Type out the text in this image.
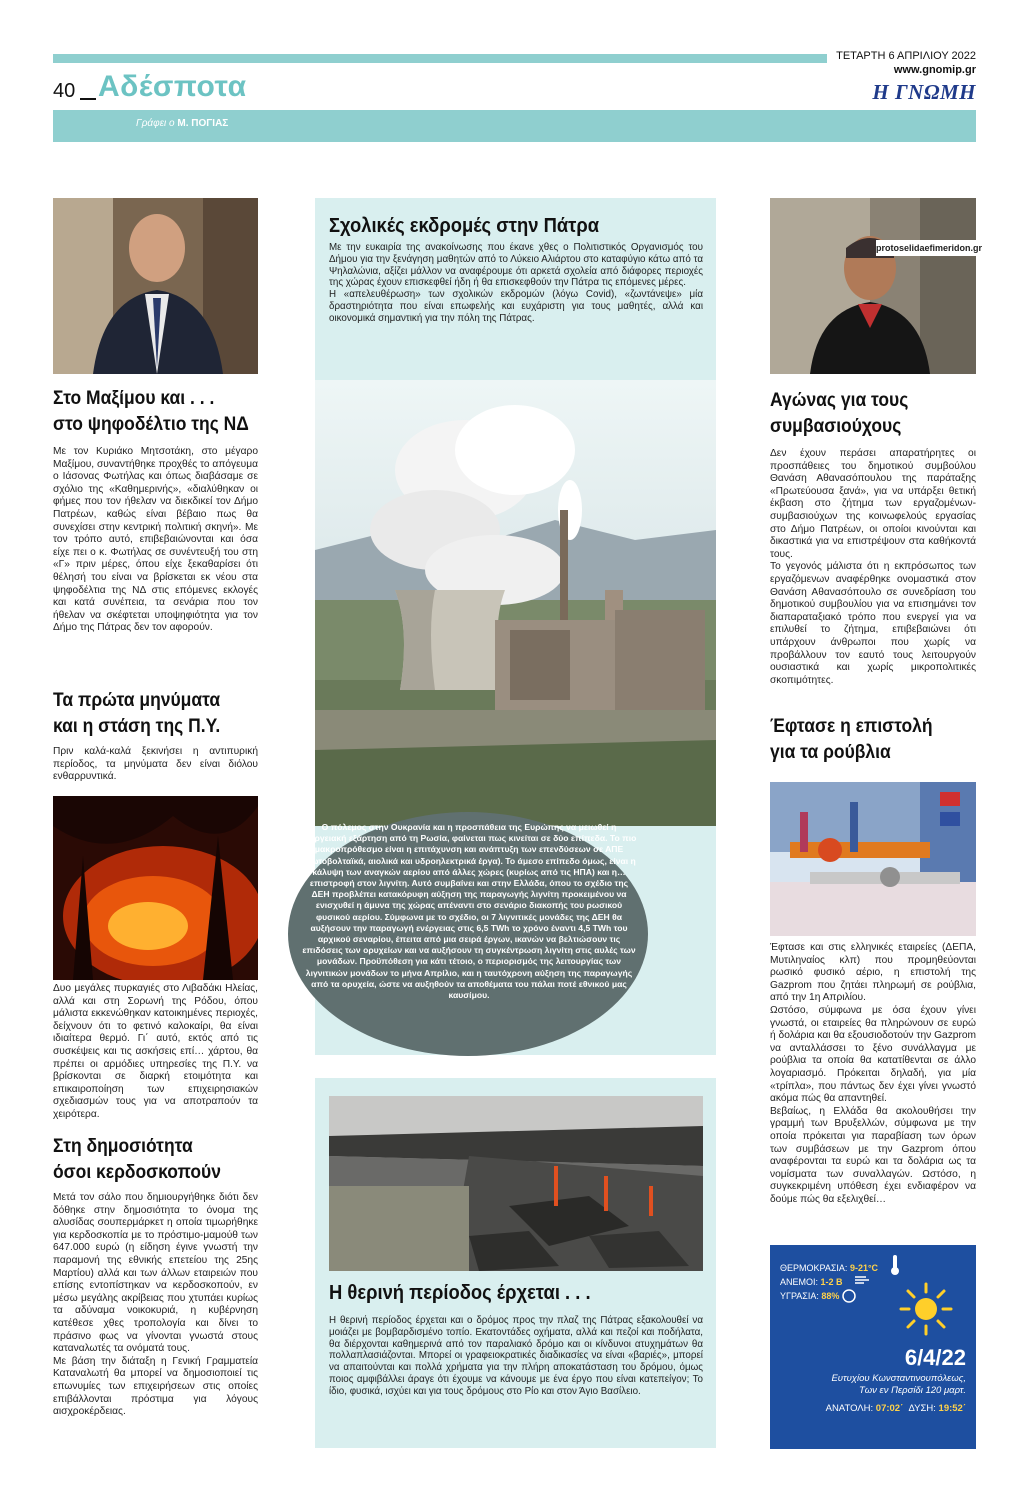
40 Αδέσποτα
ΤΕΤΑΡΤΗ 6 ΑΠΡΙΛΙΟΥ 2022
www.gnomip.gr
Η ΓΝΩΜΗ
Γράφει ο Μ. ΠΟΓΙΑΣ
Στο Μαξίμου και . . .
στο ψηφοδέλτιο της ΝΔ

Με τον Κυριάκο Μητσοτάκη, στο μέγαρο Μαξίμου, συναντήθηκε προχθές το απόγευμα ο Ιάσονας Φωτήλας και όπως διαβάσαμε σε σχόλιο της «Καθημερινής», «διαλύθηκαν οι φήμες που τον ήθελαν να διεκδικεί τον Δήμο Πατρέων, καθώς είναι βέβαιο πως θα συνεχίσει στην κεντρική πολιτική σκηνή». Με τον τρόπο αυτό, επιβεβαιώνονται και όσα είχε πει ο κ. Φωτήλας σε συνέντευξή του στη «Γ» πριν μέρες, όπου είχε ξεκαθαρίσει ότι θέλησή του είναι να βρίσκεται εκ νέου στα ψηφοδέλτια της ΝΔ στις επόμενες εκλογές και κατά συνέπεια, τα σενάρια που τον ήθελαν να σκέφτεται υποψηφιότητα για τον Δήμο της Πάτρας δεν τον αφορούν.

Τα πρώτα μηνύματα
και η στάση της Π.Υ.

Πριν καλά-καλά ξεκινήσει η αντιπυρική περίοδος, τα μηνύματα δεν είναι διόλου ενθαρρυντικά.

Δυο μεγάλες πυρκαγιές στο Λιβαδάκι Ηλείας, αλλά και στη Σορωνή της Ρόδου, όπου μάλιστα εκκενώθηκαν κατοικημένες περιοχές, δείχνουν ότι το φετινό καλοκαίρι, θα είναι ιδιαίτερα θερμό. Γι΄ αυτό, εκτός από τις συσκέψεις και τις ασκήσεις επί… χάρτου, θα πρέπει οι αρμόδιες υπηρεσίες της Π.Υ. να βρίσκονται σε διαρκή ετοιμότητα και επικαιροποίηση των επιχειρησιακών σχεδιασμών τους για να αποτραπούν τα χειρότερα.

Στη δημοσιότητα
όσοι κερδοσκοπούν

Μετά τον σάλο που δημιουργήθηκε διότι δεν δόθηκε στην δημοσιότητα το όνομα της αλυσίδας σουπερμάρκετ η οποία τιμωρήθηκε για κερδοσκοπία με το πρόστιμο-μαμούθ των 647.000 ευρώ (η είδηση έγινε γνωστή την παραμονή της εθνικής επετείου της 25ης Μαρτίου) αλλά και των άλλων εταιρειών που επίσης εντοπίστηκαν να κερδοσκοπούν, εν μέσω μεγάλης ακρίβειας που χτυπάει κυρίως τα αδύναμα νοικοκυριά, η κυβέρνηση κατέθεσε χθες τροπολογία και δίνει το πράσινο φως να γίνονται γνωστά στους καταναλωτές τα ονόματά τους.

Με βάση την διάταξη η Γενική Γραμματεία Καταναλωτή θα μπορεί να δημοσιοποιεί τις επωνυμίες των επιχειρήσεων στις οποίες επιβάλλονται πρόστιμα για λόγους αισχροκέρδειας.

Σχολικές εκδρομές στην Πάτρα

Με την ευκαιρία της ανακοίνωσης που έκανε χθες ο Πολιτιστικός Οργανισμός του Δήμου για την ξενάγηση μαθητών από το Λύκειο Αλιάρτου στο καταφύγιο κάτω από τα Ψηλαλώνια, αξίζει μάλλον να αναφέρουμε ότι αρκετά σχολεία από διάφορες περιοχές της χώρας έχουν επισκεφθεί ήδη ή θα επισκεφθούν την Πάτρα τις επόμενες μέρες.

Η «απελευθέρωση» των σχολικών εκδρομών (λόγω Covid), «ζωντάνεψε» μία δραστηριότητα που είναι επωφελής και ευχάριστη για τους μαθητές, αλλά και οικονομικά σημαντική για την πόλη της Πάτρας.

Ο πόλεμος στην Ουκρανία και η προσπάθεια της Ευρώπης να μειωθεί η ενεργειακή εξάρτηση από τη Ρωσία, φαίνεται πως κινείται σε δύο επίπεδα. Το πιο μακροπρόθεσμο είναι η επιτάχυνση και ανάπτυξη των επενδύσεων σε ΑΠΕ (φωτοβολταϊκά, αιολικά και υδροηλεκτρικά έργα). Το άμεσο επίπεδο όμως, είναι η κάλυψη των αναγκών αερίου από άλλες χώρες (κυρίως από τις ΗΠΑ) και η… επιστροφή στον λιγνίτη. Αυτό συμβαίνει και στην Ελλάδα, όπου το σχέδιο της ΔΕΗ προβλέπει κατακόρυφη αύξηση της παραγωγής λιγνίτη προκειμένου να ενισχυθεί η άμυνα της χώρας απέναντι στο σενάριο διακοπής του ρωσικού φυσικού αερίου. Σύμφωνα με το σχέδιο, οι 7 λιγνιτικές μονάδες της ΔΕΗ θα αυξήσουν την παραγωγή ενέργειας στις 6,5 TWh το χρόνο έναντι 4,5 TWh του αρχικού σεναρίου, έπειτα από μια σειρά έργων, ικανών να βελτιώσουν τις επιδόσεις των ορυχείων και να αυξήσουν τη συγκέντρωση λιγνίτη στις αυλές των μονάδων. Προϋπόθεση για κάτι τέτοιο, ο περιορισμός της λειτουργίας των λιγνιτικών μονάδων το μήνα Απρίλιο, και η ταυτόχρονη αύξηση της παραγωγής από τα ορυχεία, ώστε να αυξηθούν τα αποθέματα του πάλαι ποτέ εθνικού μας καυσίμου.
Η θερινή περίοδος έρχεται . . .

Η θερινή περίοδος έρχεται και ο δρόμος προς την πλαζ της Πάτρας εξακολουθεί να μοιάζει με βομβαρδισμένο τοπίο. Εκατοντάδες οχήματα, αλλά και πεζοί και ποδήλατα, θα διέρχονται καθημερινά από τον παραλιακό δρόμο και οι κίνδυνοι ατυχημάτων θα πολλαπλασιάζονται. Μπορεί οι γραφειοκρατικές διαδικασίες να είναι «βαριές», μπορεί να απαιτούνται και πολλά χρήματα για την πλήρη αποκατάσταση του δρόμου, όμως ποιος αμφιβάλλει άραγε ότι έχουμε να κάνουμε με ένα έργο που είναι κατεπείγον; Το ίδιο, φυσικά, ισχύει και για τους δρόμους στο Ρίο και στον Άγιο Βασίλειο.

protoselidaefimeridon.gr
Αγώνας για τους
συμβασιούχους

Δεν έχουν περάσει απαρατήρητες οι προσπάθειες του δημοτικού συμβούλου Θανάση Αθανασόπουλου της παράταξης «Πρωτεύουσα ξανά», για να υπάρξει θετική έκβαση στο ζήτημα των εργαζομένων- συμβασιούχων της κοινωφελούς εργασίας στο Δήμο Πατρέων, οι οποίοι κινούνται και δικαστικά για να επιστρέψουν στα καθήκοντά τους.

Το γεγονός μάλιστα ότι η εκπρόσωπος των εργαζόμενων αναφέρθηκε ονομαστικά στον Θανάση Αθανασόπουλο σε συνεδρίαση του δημοτικού συμβουλίου για να επισημάνει τον διαπαραταξιακό τρόπο που ενεργεί για να επιλυθεί το ζήτημα, επιβεβαιώνει ότι υπάρχουν άνθρωποι που χωρίς να προβάλλουν τον εαυτό τους λειτουργούν ουσιαστικά και χωρίς μικροπολιτικές σκοπιμότητες.

Έφτασε η επιστολή
για τα ρούβλια

Έφτασε και στις ελληνικές εταιρείες (ΔΕΠΑ, Μυτιληναίος κλπ) που προμηθεύονται ρωσικό φυσικό αέριο, η επιστολή της Gazprom που ζητάει πληρωμή σε ρούβλια, από την 1η Απριλίου.

Ωστόσο, σύμφωνα με όσα έχουν γίνει γνωστά, οι εταιρείες θα πληρώνουν σε ευρώ ή δολάρια και θα εξουσιοδοτούν την Gazprom να ανταλλάσσει το ξένο συνάλλαγμα με ρούβλια τα οποία θα κατατίθενται σε άλλο λογαριασμό. Πρόκειται δηλαδή, για μία «τρίπλα», που πάντως δεν έχει γίνει γνωστό ακόμα πώς θα απαντηθεί.

Βεβαίως, η Ελλάδα θα ακολουθήσει την γραμμή των Βρυξελλών, σύμφωνα με την οποία πρόκειται για παραβίαση των όρων των συμβάσεων με την Gazprom όπου αναφέρονται τα ευρώ και τα δολάρια ως τα νομίσματα των συναλλαγών. Ωστόσο, η συγκεκριμένη υπόθεση έχει ενδιαφέρον να δούμε πώς θα εξελιχθεί…

ΘΕΡΜΟΚΡΑΣΙΑ: 9-21°C
ΑΝΕΜΟΙ: 1-2 Β
ΥΓΡΑΣΙΑ: 88%
6/4/22
Ευτυχίου Κωνσταντινουπόλεως,
Των εν Περσίδι 120 μαρτ.
ΑΝΑΤΟΛΗ: 07:02΄ ΔΥΣΗ: 19:52΄
